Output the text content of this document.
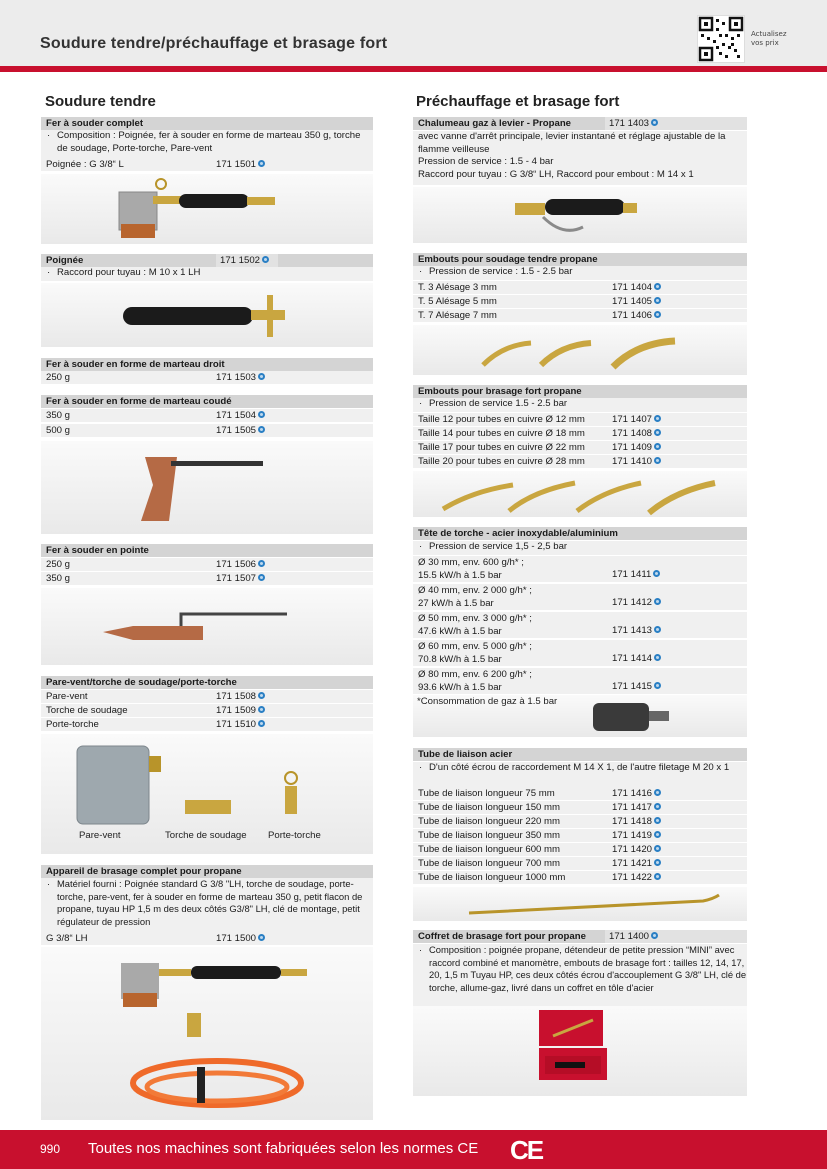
Soudure tendre/préchauffage et brasage fort
Actualisez
vos prix
Soudure tendre
Fer à souder complet
· Composition : Poignée, fer à souder en forme de marteau 350 g, torche de soudage, Porte-torche, Pare-vent
Poignée : G 3/8“ L	171 1501
Poignée	171 1502
· Raccord pour tuyau : M 10 x 1 LH
Fer à souder en forme de marteau droit
250 g	171 1503
Fer à souder en forme de marteau coudé
350 g	171 1504
500 g	171 1505
Fer à souder en pointe
250 g	171 1506
350 g	171 1507
Pare-vent/torche de soudage/porte-torche
Pare-vent	171 1508
Torche de soudage	171 1509
Porte-torche	171 1510
Pare-vent	Torche de soudage Porte-torche
Appareil de brasage complet pour propane
· Matériel fourni : Poignée standard G 3/8 "LH, torche de soudage, porte-torche, pare-vent, fer à souder en forme de marteau 350 g, petit flacon de propane, tuyau HP 1,5 m des deux côtés G3/8" LH, clé de montage, petit régulateur de pression
G 3/8“ LH	171 1500
Préchauffage et brasage fort
Chalumeau gaz à levier - Propane	171 1403
avec vanne d'arrêt principale, levier instantané et réglage ajustable de la flamme veilleuse
Pression de service : 1.5 - 4 bar
Raccord pour tuyau : G 3/8“ LH, Raccord pour embout : M 14 x 1
Embouts pour soudage tendre propane
· Pression de service : 1.5 - 2.5 bar
T. 3 Alésage 3 mm	171 1404
T. 5 Alésage 5 mm	171 1405
T. 7 Alésage 7 mm	171 1406
Embouts pour brasage fort propane
· Pression de service 1.5 - 2.5 bar
Taille 12 pour tubes en cuivre Ø 12 mm	171 1407
Taille 14 pour tubes en cuivre Ø 18 mm	171 1408
Taille 17 pour tubes en cuivre Ø 22 mm	171 1409
Taille 20 pour tubes en cuivre Ø 28 mm	171 1410
Tête de torche - acier inoxydable/aluminium
· Pression de service 1,5 - 2,5 bar
Ø 30 mm, env. 600 g/h* ;
15.5 kW/h à 1.5 bar	171 1411
Ø 40 mm, env. 2 000 g/h* ;
27 kW/h à 1.5 bar	171 1412
Ø 50 mm, env. 3 000 g/h* ;
47.6 kW/h à 1.5 bar	171 1413
Ø 60 mm, env. 5 000 g/h* ;
70.8 kW/h à 1.5 bar	171 1414
Ø 80 mm, env. 6 200 g/h* ;
93.6 kW/h à 1.5 bar	171 1415
*Consommation de gaz à 1.5 bar
Tube de liaison acier
· D'un côté écrou de raccordement M 14 X 1, de l'autre filetage M 20 x 1
Tube de liaison longueur 75 mm	171 1416
Tube de liaison longueur 150 mm	171 1417
Tube de liaison longueur 220 mm	171 1418
Tube de liaison longueur 350 mm	171 1419
Tube de liaison longueur 600 mm	171 1420
Tube de liaison longueur 700 mm	171 1421
Tube de liaison longueur 1000 mm	171 1422
Coffret de brasage fort pour propane	171 1400
· Composition : poignée propane, détendeur de petite pression “MINI” avec raccord combiné et manomètre, embouts de brasage fort : tailles 12, 14, 17, 20, 1,5 m Tuyau HP, ces deux côtés écrou d'accouplement G 3/8" LH, clé de torche, allume-gaz, livré dans un coffret en tôle d'acier
990 Toutes nos machines sont fabriquées selon les normes CE CE
